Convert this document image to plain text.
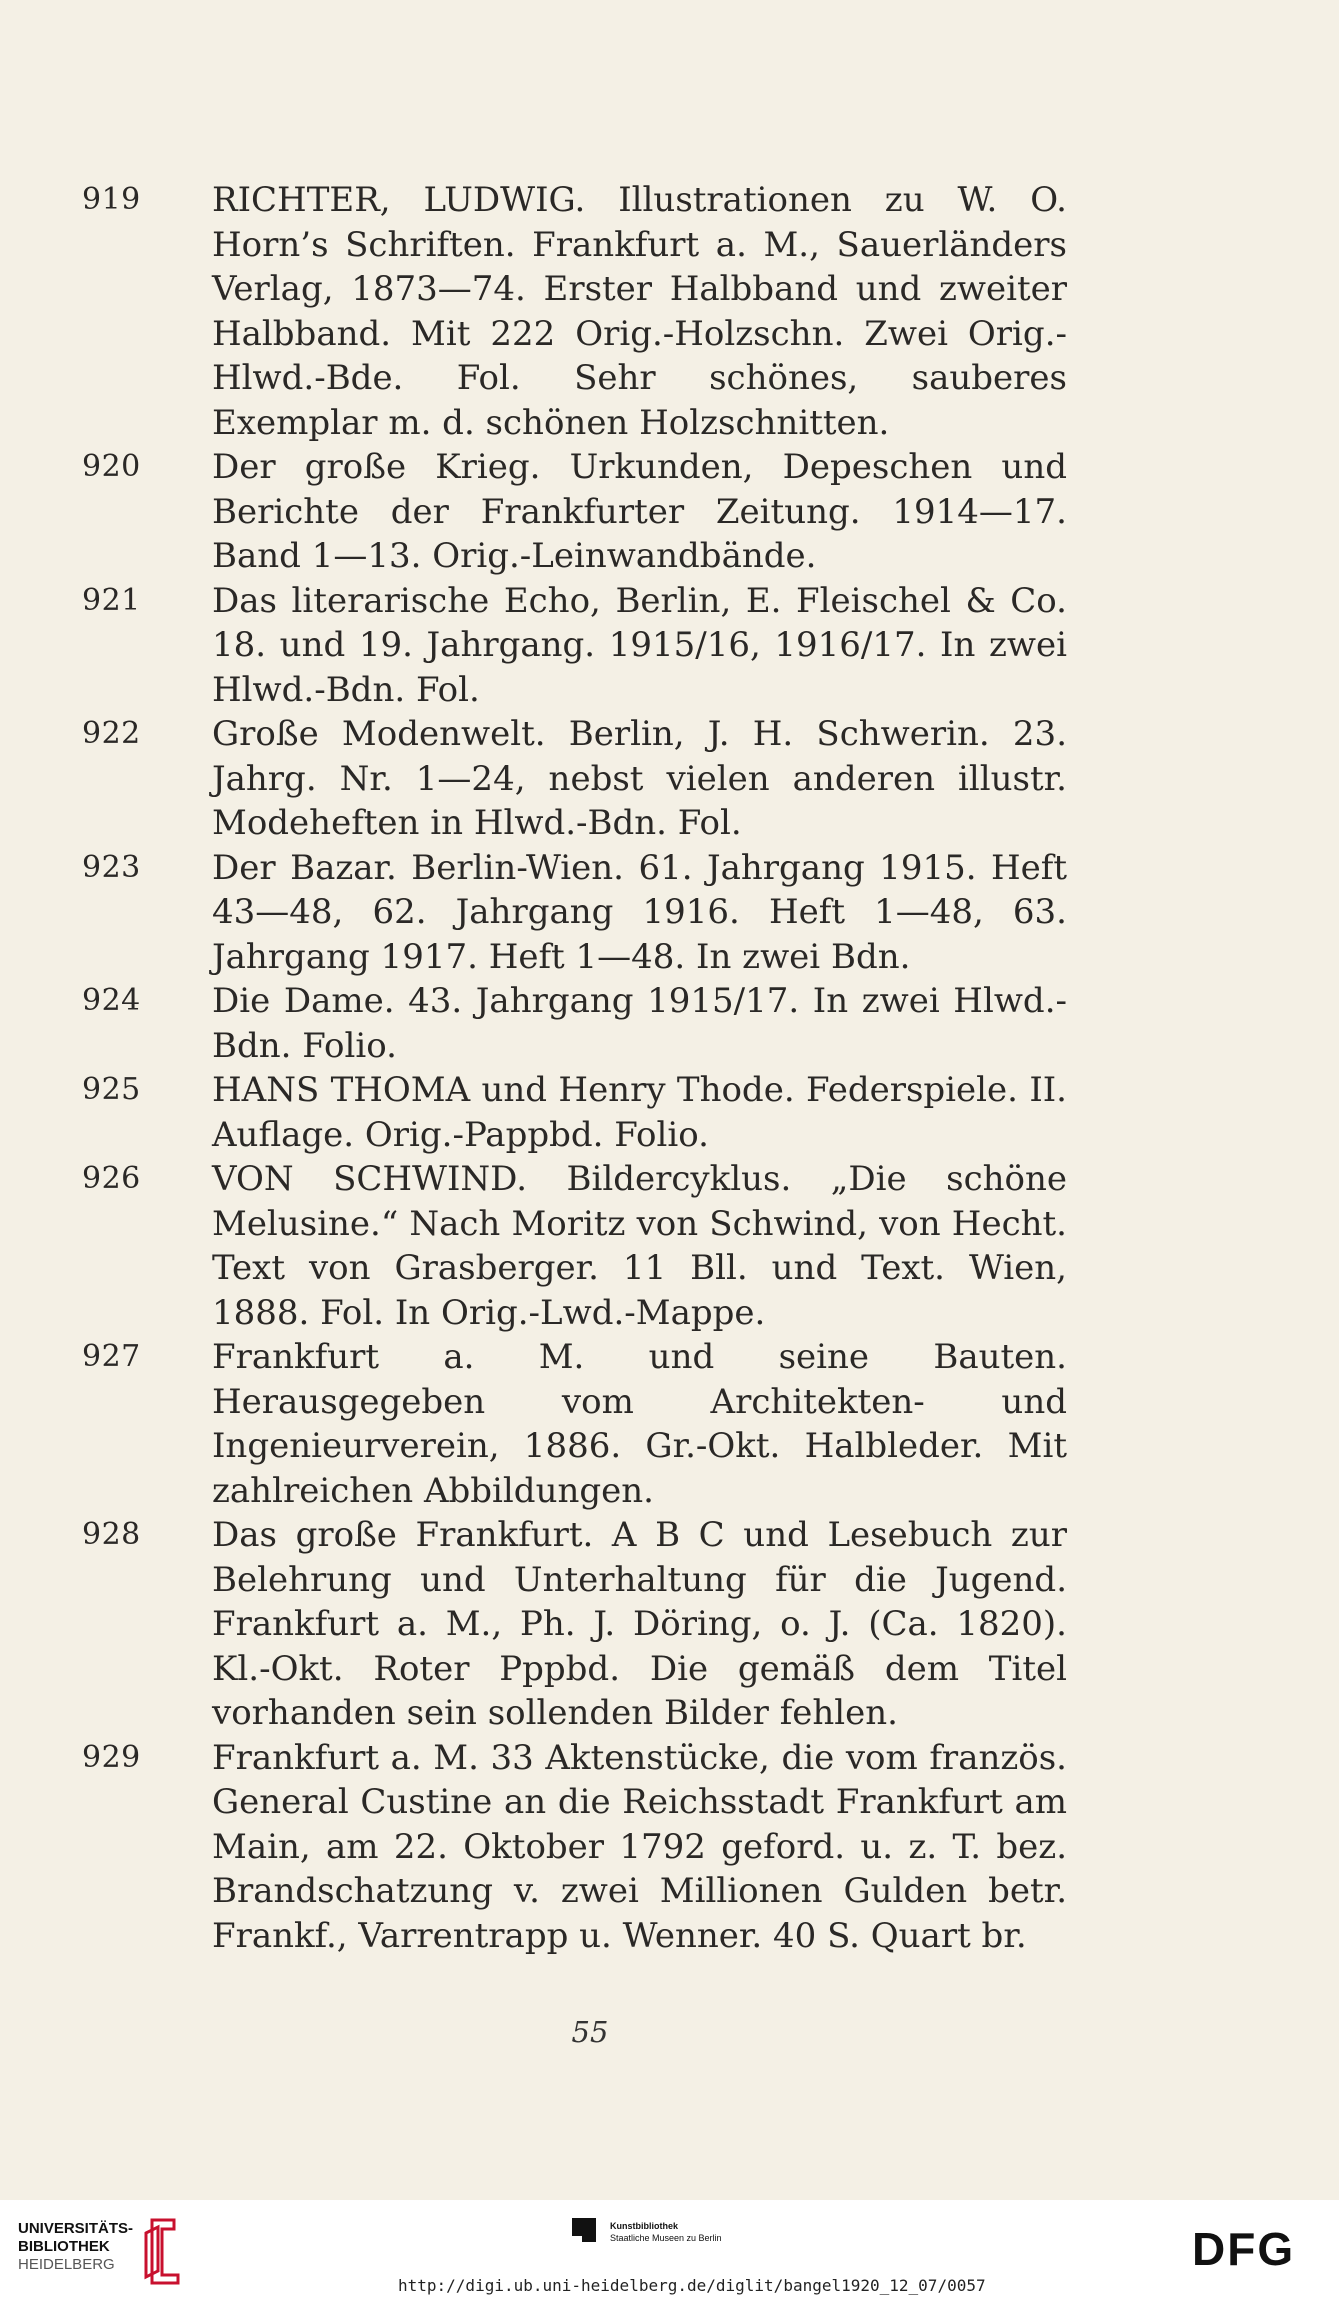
919	RICHTER, LUDWIG. Illustrationen zu W. O. Horn’s Schriften. Frankfurt a. M., Sauerländers Verlag, 1873—74. Erster Halbband und zweiter Halbband. Mit 222 Orig.-Holzschn. Zwei Orig.-Hlwd.-Bde. Fol. Sehr schönes, sauberes Exemplar m. d. schönen Holzschnitten.
920	Der große Krieg. Urkunden, Depeschen und Berichte der Frankfurter Zeitung. 1914—17. Band 1—13. Orig.-Leinwandbände.
921	Das literarische Echo, Berlin, E. Fleischel & Co. 18. und 19. Jahrgang. 1915/16, 1916/17. In zwei Hlwd.-Bdn. Fol.
922	Große Modenwelt. Berlin, J. H. Schwerin. 23. Jahrg. Nr. 1—24, nebst vielen anderen illustr. Modeheften in Hlwd.-Bdn. Fol.
923	Der Bazar. Berlin-Wien. 61. Jahrgang 1915. Heft 43—48, 62. Jahrgang 1916. Heft 1—48, 63. Jahrgang 1917. Heft 1—48. In zwei Bdn.
924	Die Dame. 43. Jahrgang 1915/17. In zwei Hlwd.-Bdn. Folio.
925	HANS THOMA und Henry Thode. Federspiele. II. Auflage. Orig.-Pappbd. Folio.
926	VON SCHWIND. Bildercyklus. „Die schöne Melusine.“ Nach Moritz von Schwind, von Hecht. Text von Grasberger. 11 Bll. und Text. Wien, 1888. Fol. In Orig.-Lwd.-Mappe.
927	Frankfurt a. M. und seine Bauten. Herausgegeben vom Architekten- und Ingenieurverein, 1886. Gr.-Okt. Halbleder. Mit zahlreichen Abbildungen.
928	Das große Frankfurt. A B C und Lesebuch zur Belehrung und Unterhaltung für die Jugend. Frankfurt a. M., Ph. J. Döring, o. J. (Ca. 1820). Kl.-Okt. Roter Pppbd. Die gemäß dem Titel vorhanden sein sollenden Bilder fehlen.
929	Frankfurt a. M. 33 Aktenstücke, die vom französ. General Custine an die Reichsstadt Frankfurt am Main, am 22. Oktober 1792 geford. u. z. T. bez. Brandschatzung v. zwei Millionen Gulden betr. Frankf., Varrentrapp u. Wenner. 40 S. Quart br.
55
UNIVERSITÄTS-
BIBLIOTHEK
HEIDELBERG
Kunstbibliothek
Staatliche Museen zu Berlin	DFG
http://digi.ub.uni-heidelberg.de/diglit/bangel1920_12_07/0057
